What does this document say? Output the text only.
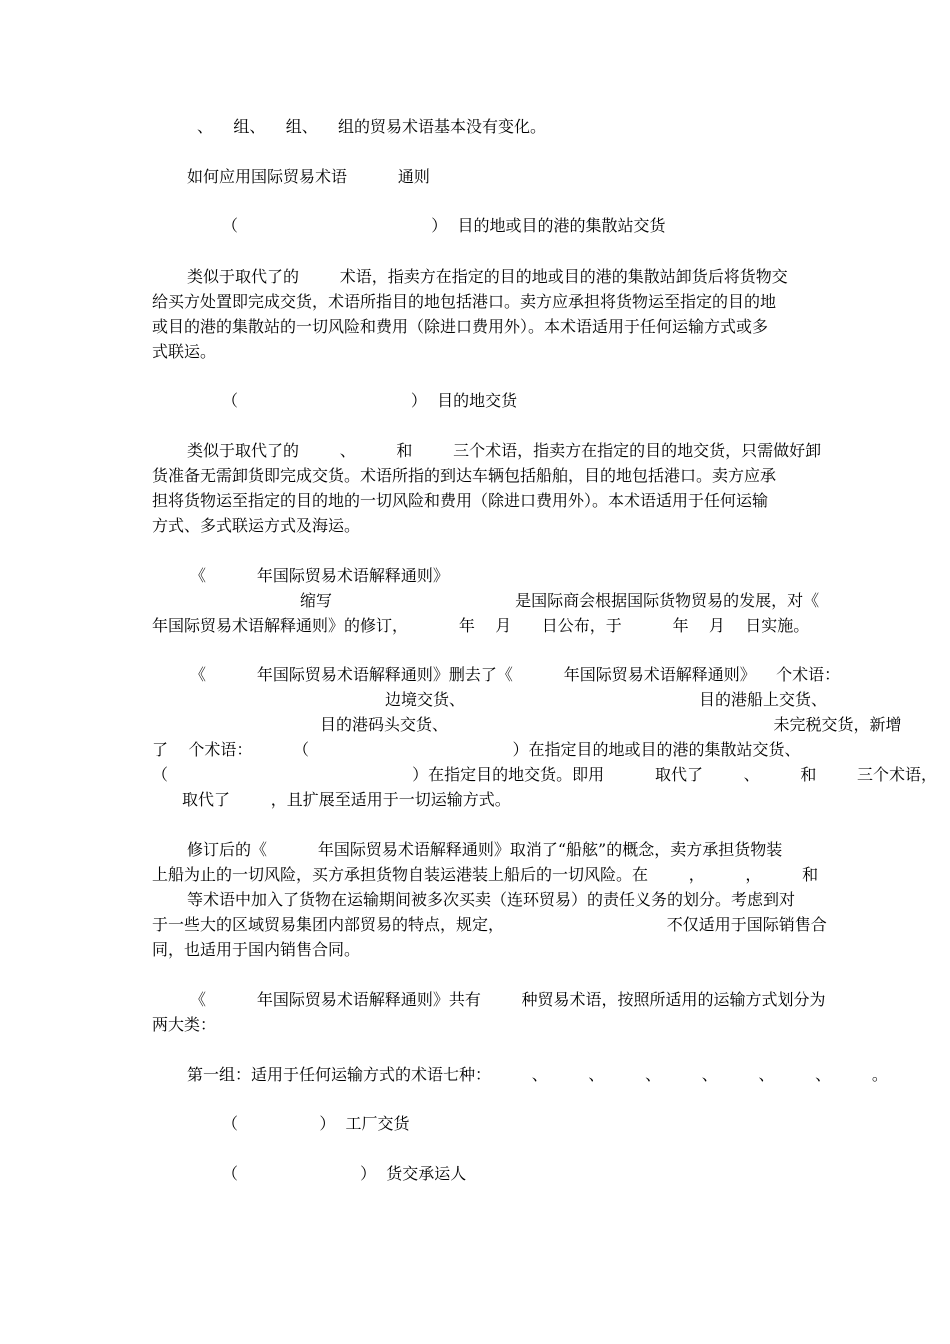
、    组、    组、    组的贸易术语基本没有变化。

如何应用国际贸易术语          通则

（                                      ）  目的地或目的港的集散站交货

类似于取代了的        术语，指卖方在指定的目的地或目的港的集散站卸货后将货物交

给买方处置即完成交货，术语所指目的地包括港口。卖方应承担将货物运至指定的目的地

或目的港的集散站的一切风险和费用（除进口费用外）。本术语适用于任何运输方式或多

式联运。

（                                  ）  目的地交货

类似于取代了的        、        和        三个术语，指卖方在指定的目的地交货，只需做好卸

货准备无需卸货即完成交货。术语所指的到达车辆包括船舶，目的地包括港口。卖方应承

担将货物运至指定的目的地的一切风险和费用（除进口费用外）。本术语适用于任何运输

方式、多式联运方式及海运。

《          年国际贸易术语解释通则》

缩写                                    是国际商会根据国际货物贸易的发展，对《

年国际贸易术语解释通则》的修订，          年    月      日公布，于          年    月    日实施。

《          年国际贸易术语解释通则》删去了《          年国际贸易术语解释通则》    个术语：

边境交货、                                              目的港船上交货、

目的港码头交货、                                                                未完税交货，新增

了    个术语：        （                                        ）在指定目的地或目的港的集散站交货、

（                                                ）在指定目的地交货。即用          取代了        、        和        三个术语，

取代了        ，且扩展至适用于一切运输方式。

修订后的《          年国际贸易术语解释通则》取消了“船舷”的概念，卖方承担货物装

上船为止的一切风险，买方承担货物自装运港装上船后的一切风险。在        ，        ，        和

等术语中加入了货物在运输期间被多次买卖（连环贸易）的责任义务的划分。考虑到对

于一些大的区域贸易集团内部贸易的特点，规定，                                不仅适用于国际销售合

同，也适用于国内销售合同。

《          年国际贸易术语解释通则》共有        种贸易术语，按照所适用的运输方式划分为

两大类：

第一组：适用于任何运输方式的术语七种：        、        、        、        、        、        、        。

（                ）  工厂交货

（                        ）  货交承运人
